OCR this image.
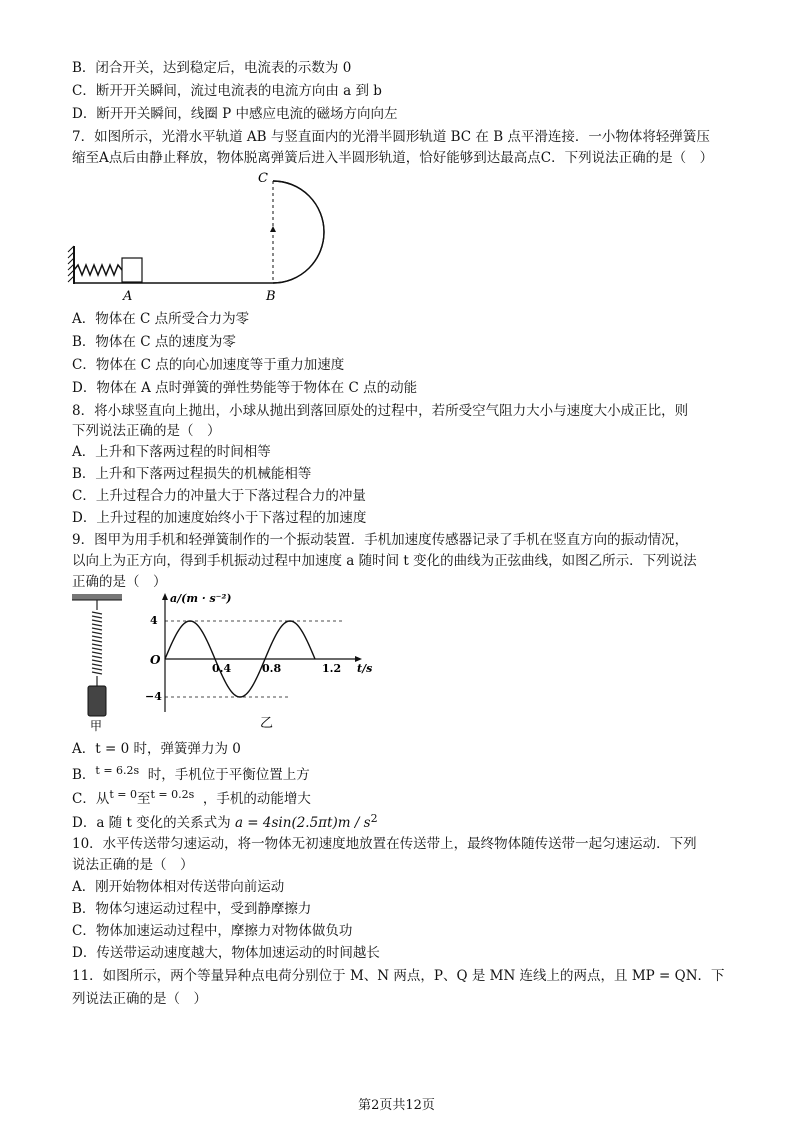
B．闭合开关，达到稳定后，电流表的示数为 0
C．断开开关瞬间，流过电流表的电流方向由 a 到 b
D．断开开关瞬间，线圈 P 中感应电流的磁场方向向左
7．如图所示，光滑水平轨道 AB 与竖直面内的光滑半圆形轨道 BC 在 B 点平滑连接．一小物体将轻弹簧压
缩至A点后由静止释放，物体脱离弹簧后进入半圆形轨道，恰好能够到达最高点C．下列说法正确的是（　）
A	B
C
A．物体在 C 点所受合力为零
B．物体在 C 点的速度为零
C．物体在 C 点的向心加速度等于重力加速度
D．物体在 A 点时弹簧的弹性势能等于物体在 C 点的动能
8．将小球竖直向上抛出，小球从抛出到落回原处的过程中，若所受空气阻力大小与速度大小成正比，则
下列说法正确的是（　）
A．上升和下落两过程的时间相等
B．上升和下落两过程损失的机械能相等
C．上升过程合力的冲量大于下落过程合力的冲量
D．上升过程的加速度始终小于下落过程的加速度
9．图甲为用手机和轻弹簧制作的一个振动装置．手机加速度传感器记录了手机在竖直方向的振动情况，
以向上为正方向，得到手机振动过程中加速度 a 随时间 t 变化的曲线为正弦曲线，如图乙所示．下列说法
正确的是（　）
甲
a/(m · s⁻²)
4
−4
O
0.4	0.8	1.2 t/s
乙
A．t = 0 时，弹簧弹力为 0
B．$^{t = 6.2s}$ 时，手机位于平衡位置上方
C．从$^{t = 0}$至$^{t = 0.2s}$ ，手机的动能增大
D．a 随 t 变化的关系式为 $a = 4\sin(2.5\pi t)m / s^2$
10．水平传送带匀速运动，将一物体无初速度地放置在传送带上，最终物体随传送带一起匀速运动．下列
说法正确的是（　）
A．刚开始物体相对传送带向前运动
B．物体匀速运动过程中，受到静摩擦力
C．物体加速运动过程中，摩擦力对物体做负功
D．传送带运动速度越大，物体加速运动的时间越长
11．如图所示，两个等量异种点电荷分别位于 M、N 两点，P、Q 是 MN 连线上的两点，且 MP = QN．下
列说法正确的是（　）
第2页共12页
